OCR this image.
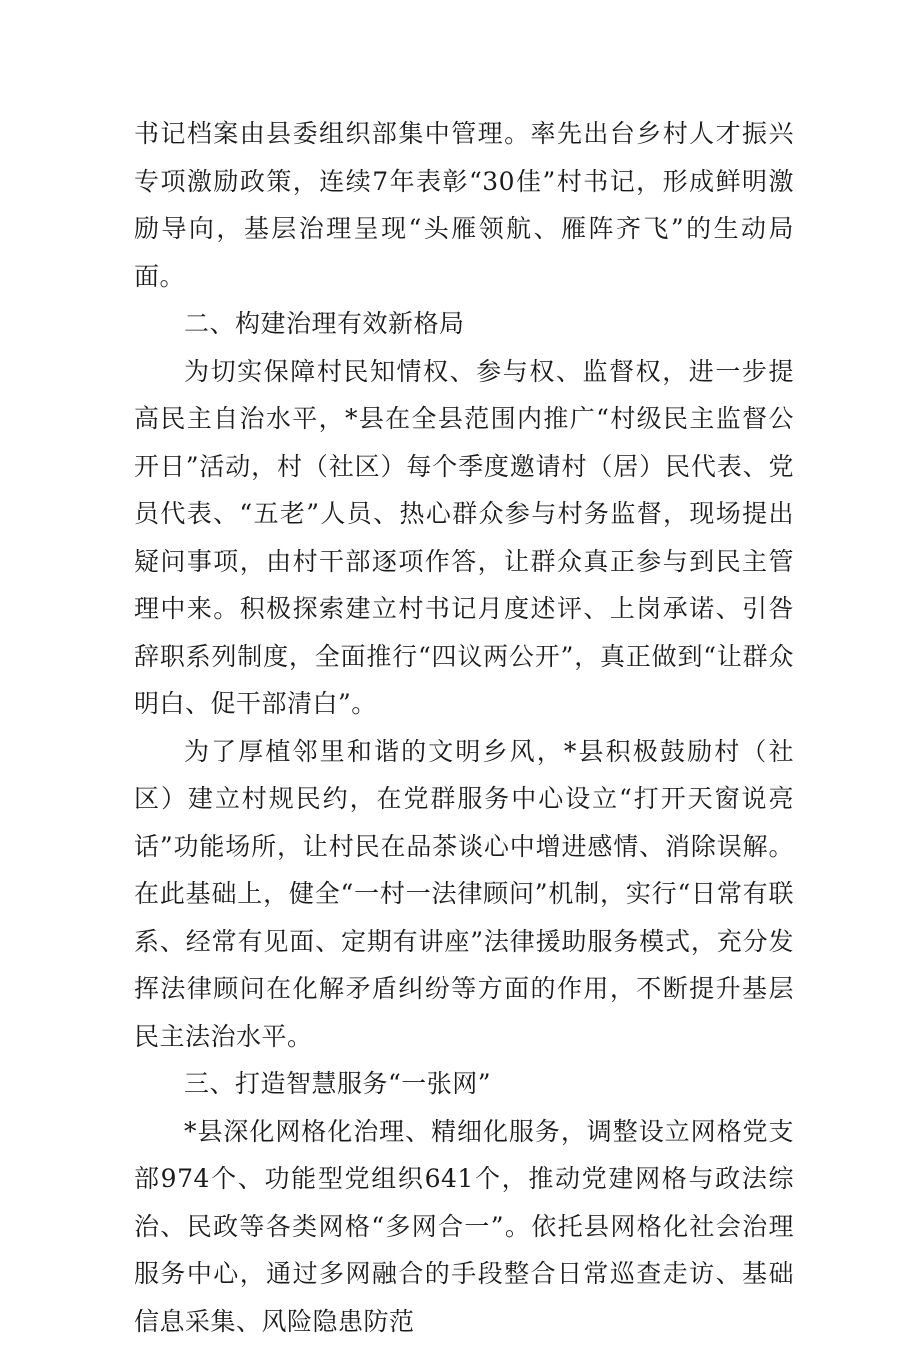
书记档案由县委组织部集中管理。率先出台乡村人才振兴专项激励政策，连续7年表彰“30佳”村书记，形成鲜明激励导向，基层治理呈现“头雁领航、雁阵齐飞”的生动局面。

二、构建治理有效新格局

为切实保障村民知情权、参与权、监督权，进一步提高民主自治水平，*县在全县范围内推广“村级民主监督公开日”活动，村（社区）每个季度邀请村（居）民代表、党员代表、“五老”人员、热心群众参与村务监督，现场提出疑问事项，由村干部逐项作答，让群众真正参与到民主管理中来。积极探索建立村书记月度述评、上岗承诺、引咎辞职系列制度，全面推行“四议两公开”，真正做到“让群众明白、促干部清白”。

为了厚植邻里和谐的文明乡风，*县积极鼓励村（社区）建立村规民约，在党群服务中心设立“打开天窗说亮话”功能场所，让村民在品茶谈心中增进感情、消除误解。在此基础上，健全“一村一法律顾问”机制，实行“日常有联系、经常有见面、定期有讲座”法律援助服务模式，充分发挥法律顾问在化解矛盾纠纷等方面的作用，不断提升基层民主法治水平。

三、打造智慧服务“一张网”

*县深化网格化治理、精细化服务，调整设立网格党支部974个、功能型党组织641个，推动党建网格与政法综治、民政等各类网格“多网合一”。依托县网格化社会治理服务中心，通过多网融合的手段整合日常巡查走访、基础信息采集、风险隐患防范
